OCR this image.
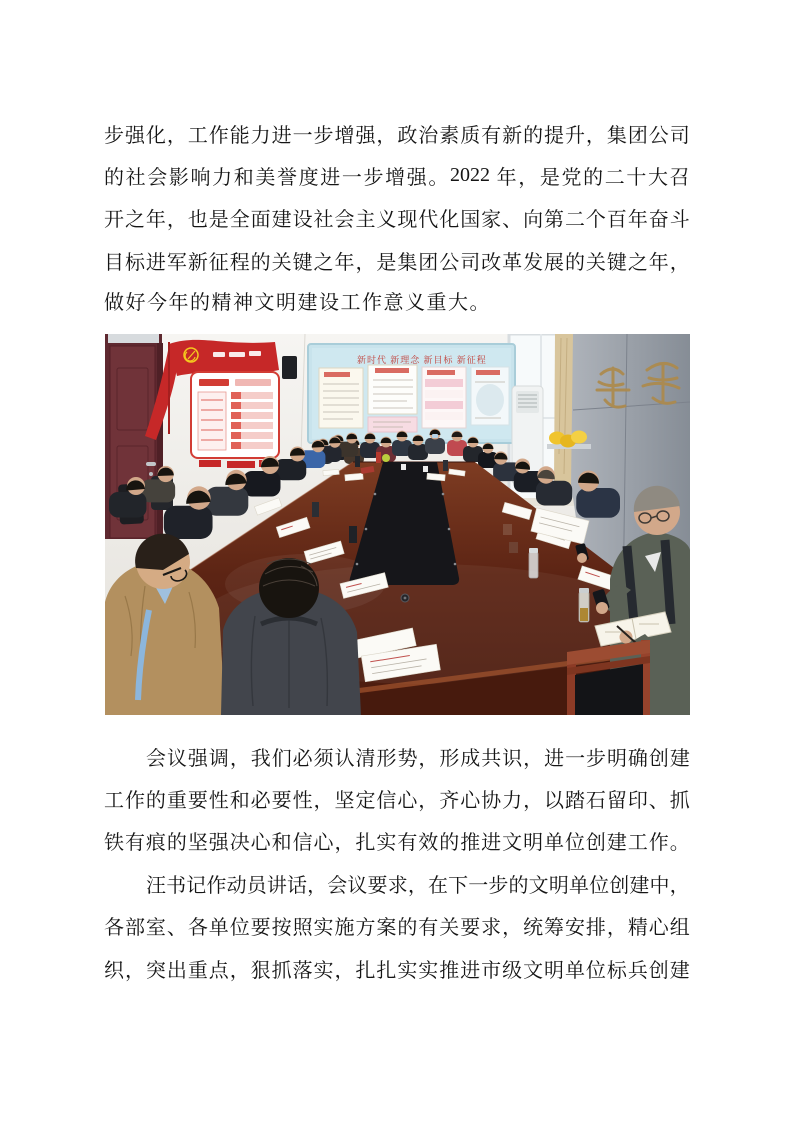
步 强 化 ， 工 作 能 力 进 一 步 增 强 ， 政 治 素 质 有 新 的 提 升 ， 集 团 公 司
的 社 会 影 响 力 和 美 誉 度 进 一 步 增 强 。 2022 年 ， 是 党 的 二 十 大 召
开 之 年 ， 也 是 全 面 建 设 社 会 主 义 现 代 化 国 家 、 向 第 二 个 百 年 奋 斗
目 标 进 军 新 征 程 的 关 键 之 年 ， 是 集 团 公 司 改 革 发 展 的 关 键 之 年 ，
做好今年的精神文明建设工作意义重大。
新时代 新理念 新目标 新征程
会 议 强 调 ， 我 们 必 须 认 清 形 势 ， 形 成 共 识 ， 进 一 步 明 确 创 建
工 作 的 重 要 性 和 必 要 性 ， 坚 定 信 心 ， 齐 心 协 力 ， 以 踏 石 留 印 、 抓
铁 有 痕 的 坚 强 决 心 和 信 心 ， 扎 实 有 效 的 推 进 文 明 单 位 创 建 工 作 。
汪 书 记 作 动 员 讲 话 ， 会 议 要 求 ， 在 下 一 步 的 文 明 单 位 创 建 中 ，
各 部 室 、 各 单 位 要 按 照 实 施 方 案 的 有 关 要 求 ， 统 筹 安 排 ， 精 心 组
织 ， 突 出 重 点 ， 狠 抓 落 实 ， 扎 扎 实 实 推 进 市 级 文 明 单 位 标 兵 创 建
